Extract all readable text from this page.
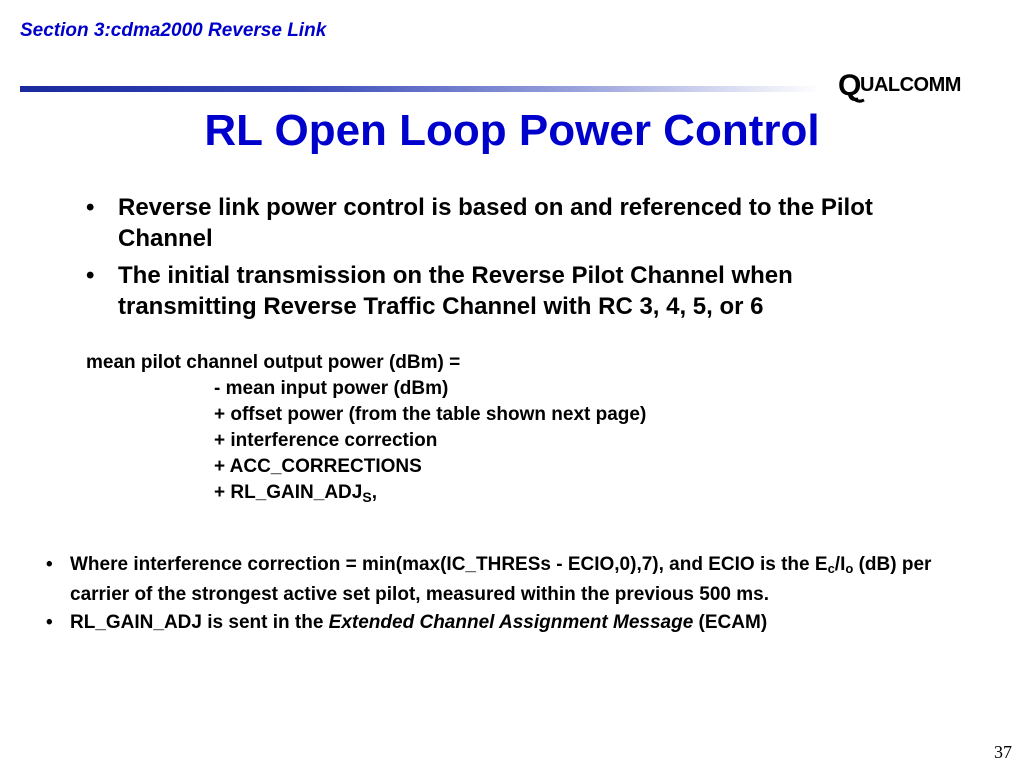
Section 3:cdma2000 Reverse Link
Q
UALCOMM
RL Open Loop Power Control
• Reverse link power control is based on and referenced to the Pilot Channel
• The initial transmission on the Reverse Pilot Channel when transmitting Reverse Traffic Channel with RC 3, 4, 5, or 6
mean pilot channel output power (dBm) =
- mean input power (dBm)
+ offset power (from the table shown next page)
+ interference correction
+ ACC_CORRECTIONS
+ $RL\_GAIN\_ADJ_S$,
• Where interference correction = min(max(IC_THRESs - ECIO,0),7), and ECIO is the $E_c/I_o$ (dB) per carrier of the strongest active set pilot, measured within the previous 500 ms.
• RL_GAIN_ADJ is sent in the Extended Channel Assignment Message (ECAM)
37
